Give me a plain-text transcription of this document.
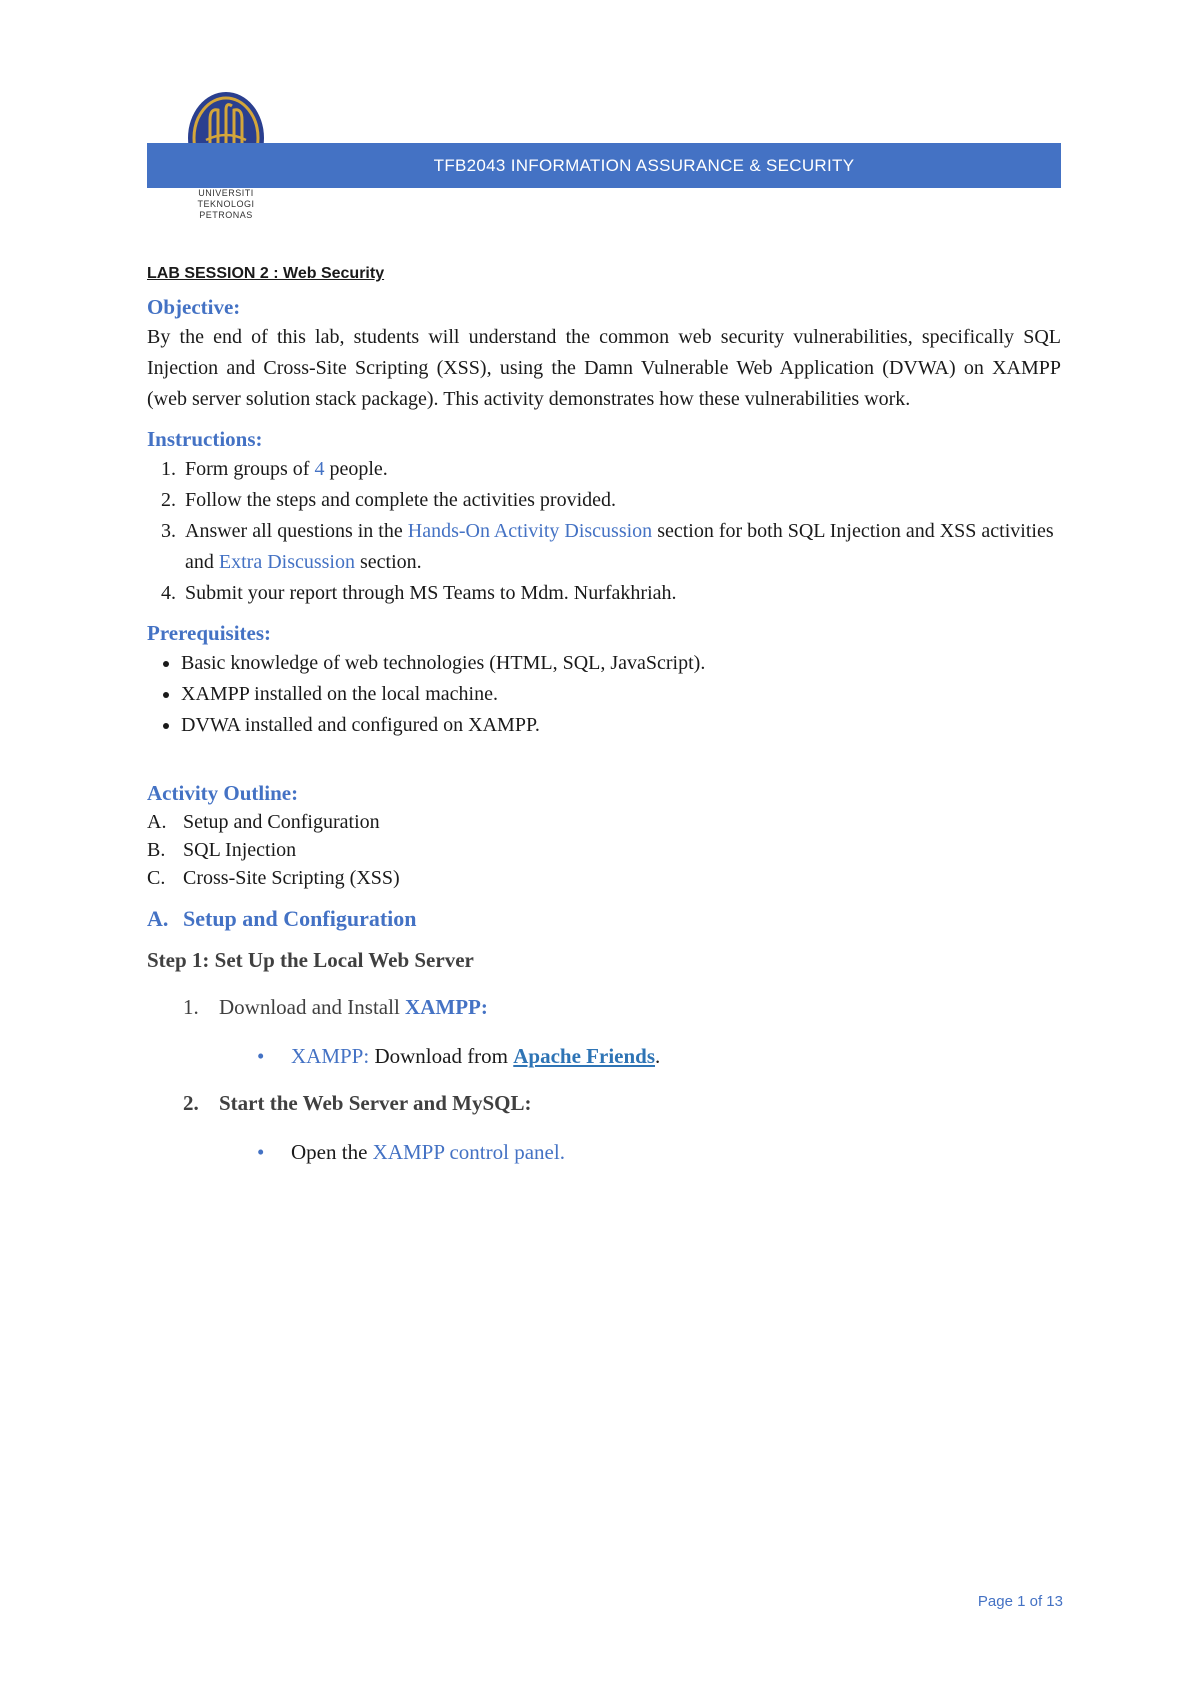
UNIVERSITI
TEKNOLOGI
PETRONAS
TFB2043 INFORMATION ASSURANCE & SECURITY
LAB SESSION 2 : Web Security
Objective:

By the end of this lab, students will understand the common web security vulnerabilities, specifically SQL Injection and Cross-Site Scripting (XSS), using the Damn Vulnerable Web Application (DVWA) on XAMPP (web server solution stack package). This activity demonstrates how these vulnerabilities work.

Instructions:
1. Form groups of 4 people.
2. Follow the steps and complete the activities provided.
3. Answer all questions in the Hands-On Activity Discussion section for both SQL Injection and XSS activities and Extra Discussion section.
4. Submit your report through MS Teams to Mdm. Nurfakhriah.
Prerequisites:
• Basic knowledge of web technologies (HTML, SQL, JavaScript).
• XAMPP installed on the local machine.
• DVWA installed and configured on XAMPP.
Activity Outline:
A. Setup and Configuration
B. SQL Injection
C. Cross-Site Scripting (XSS)
A. Setup and Configuration
Step 1: Set Up the Local Web Server
1. Download and Install XAMPP:
• XAMPP: Download from Apache Friends.
2. Start the Web Server and MySQL:
• Open the XAMPP control panel.
Page 1 of 13
